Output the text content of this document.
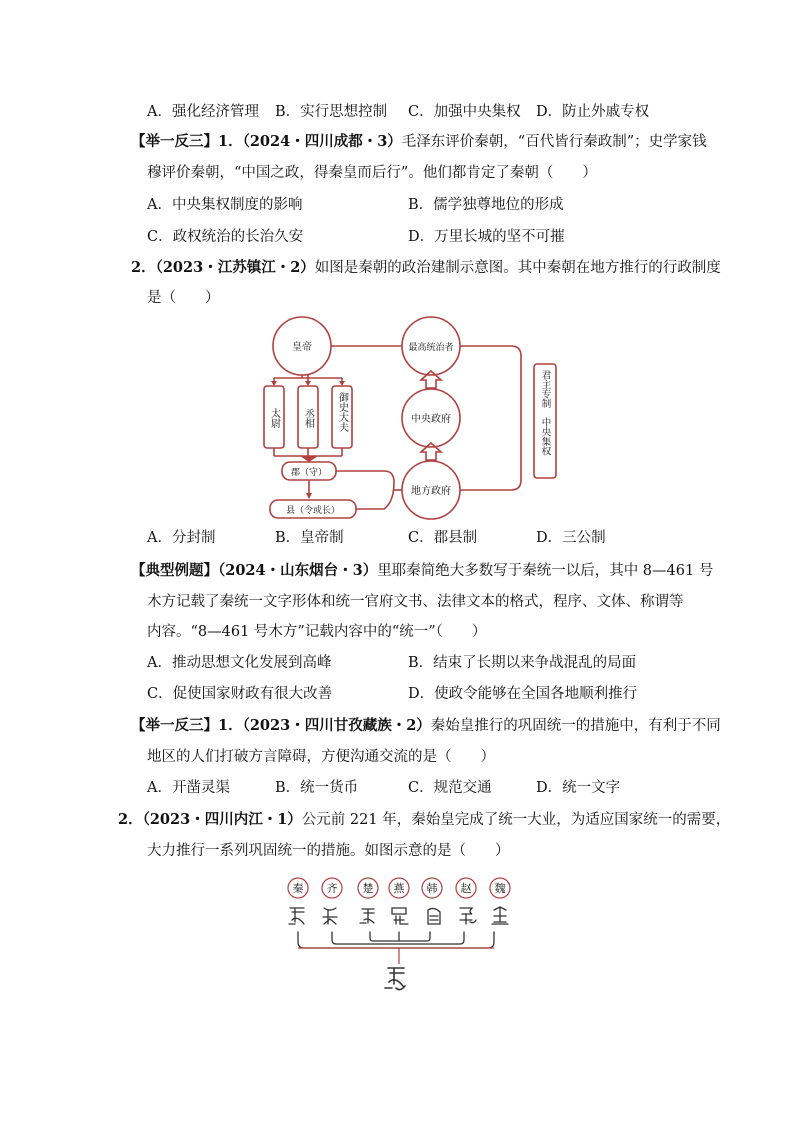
A．强化经济管理 B．实行思想控制 C．加强中央集权 D．防止外戚专权
【举一反三】1．（2024・四川成都・3）毛泽东评价秦朝，“百代皆行秦政制”；史学家钱
穆评价秦朝，“中国之政，得秦皇而后行”。他们都肯定了秦朝（　　）
A．中央集权制度的影响	B．儒学独尊地位的形成
C．政权统治的长治久安	D．万里长城的坚不可摧
2．（2023・江苏镇江・2）如图是秦朝的政治建制示意图。其中秦朝在地方推行的行政制度
是（　　）
皇帝	最高统治者
中央政府
地方政府
郡（守）
县（令或长）
太尉 丞相 御史大夫	君主专制　中央集权
A．分封制	B．皇帝制	C．郡县制	D．三公制
【典型例题】（2024・山东烟台・3）里耶秦简绝大多数写于秦统一以后，其中 8—461 号
木方记载了秦统一文字形体和统一官府文书、法律文本的格式，程序、文体、称谓等
内容。“8—461 号木方”记载内容中的“统一”（　　）
A．推动思想文化发展到高峰	B．结束了长期以来争战混乱的局面
C．促使国家财政有很大改善	D．使政令能够在全国各地顺利推行
【举一反三】1．（2023・四川甘孜藏族・2）秦始皇推行的巩固统一的措施中，有利于不同
地区的人们打破方言障碍，方便沟通交流的是（　　）
A．开凿灵渠	B．统一货币	C．规范交通	D．统一文字
2．（2023・四川内江・1）公元前 221 年，秦始皇完成了统一大业，为适应国家统一的需要，
大力推行一系列巩固统一的措施。如图示意的是（　　）
秦 齐 楚 燕 韩 赵 魏
